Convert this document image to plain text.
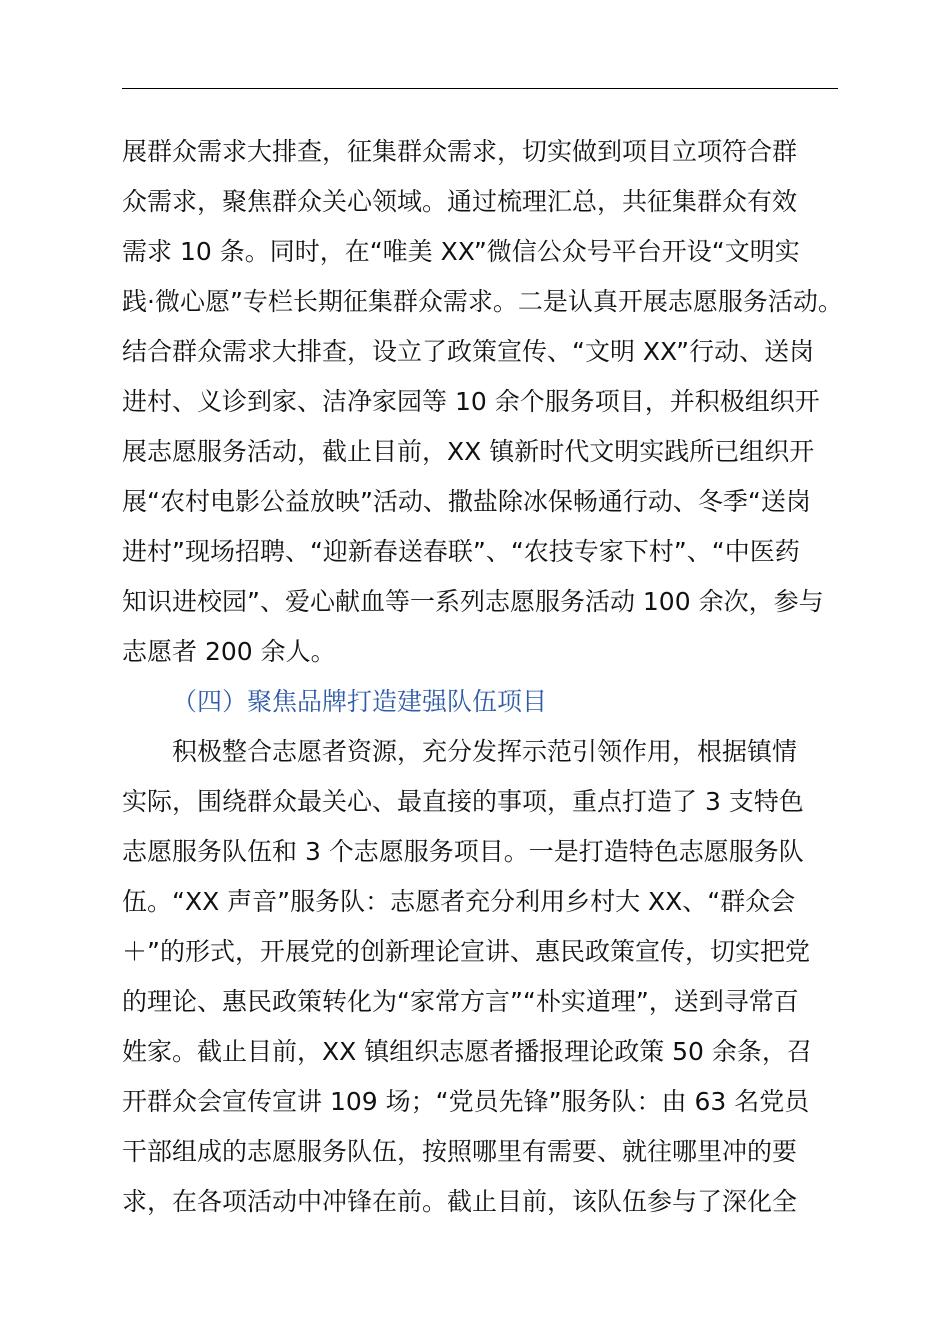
展群众需求大排查，征集群众需求，切实做到项目立项符合群
众需求，聚焦群众关心领域。通过梳理汇总，共征集群众有效
需求 10 条。同时，在“唯美 XX”微信公众号平台开设“文明实
践·微心愿”专栏长期征集群众需求。二是认真开展志愿服务活动。
结合群众需求大排查，设立了政策宣传、“文明 XX”行动、送岗
进村、义诊到家、洁净家园等 10 余个服务项目，并积极组织开
展志愿服务活动，截止目前，XX 镇新时代文明实践所已组织开
展“农村电影公益放映”活动、撒盐除冰保畅通行动、冬季“送岗
进村”现场招聘、“迎新春送春联”、“农技专家下村”、“中医药
知识进校园”、爱心献血等一系列志愿服务活动 100 余次，参与
志愿者 200 余人。
（四）聚焦品牌打造建强队伍项目
积极整合志愿者资源，充分发挥示范引领作用，根据镇情
实际，围绕群众最关心、最直接的事项，重点打造了 3 支特色
志愿服务队伍和 3 个志愿服务项目。一是打造特色志愿服务队
伍。“XX 声音”服务队：志愿者充分利用乡村大 XX、“群众会
＋”的形式，开展党的创新理论宣讲、惠民政策宣传，切实把党
的理论、惠民政策转化为“家常方言”“朴实道理”，送到寻常百
姓家。截止目前，XX 镇组织志愿者播报理论政策 50 余条，召
开群众会宣传宣讲 109 场；“党员先锋”服务队：由 63 名党员
干部组成的志愿服务队伍，按照哪里有需要、就往哪里冲的要
求，在各项活动中冲锋在前。截止目前，该队伍参与了深化全
